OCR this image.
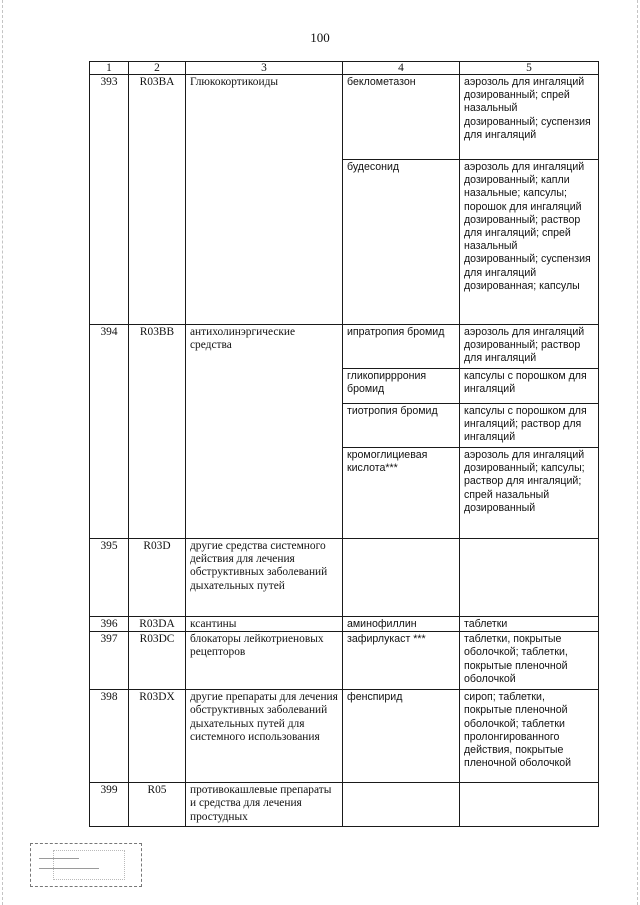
100
1	2	3	4	5
393	R03BA	Глюкокортикоиды	беклометазон	аэрозоль для ингаляций дозированный; спрей назальный дозированный; суспензия для ингаляций
			будесонид	аэрозоль для ингаляций дозированный; капли назальные; капсулы; порошок для ингаляций дозированный; раствор для ингаляций; спрей назальный дозированный; суспензия для ингаляций дозированная; капсулы
394	R03BB	антихолинэргические средства	ипратропия бромид	аэрозоль для ингаляций дозированный; раствор для ингаляций
			гликопирррония бромид	капсулы с порошком для ингаляций
			тиотропия бромид	капсулы с порошком для ингаляций; раствор для ингаляций
			кромоглициевая кислота***	аэрозоль для ингаляций дозированный; капсулы; раствор для ингаляций; спрей назальный дозированный
395	R03D	другие средства системного действия для лечения обструктивных заболеваний дыхательных путей		
396	R03DA	ксантины	аминофиллин	таблетки
397	R03DC	блокаторы лейкотриеновых рецепторов	зафирлукаст ***	таблетки, покрытые оболочкой; таблетки, покрытые пленочной оболочкой
398	R03DX	другие препараты для лечения обструктивных заболеваний дыхательных путей для системного использования	фенспирид	сироп; таблетки, покрытые пленочной оболочкой; таблетки пролонгированного действия, покрытые пленочной оболочкой
399	R05	противокашлевые препараты и средства для лечения простудных		
